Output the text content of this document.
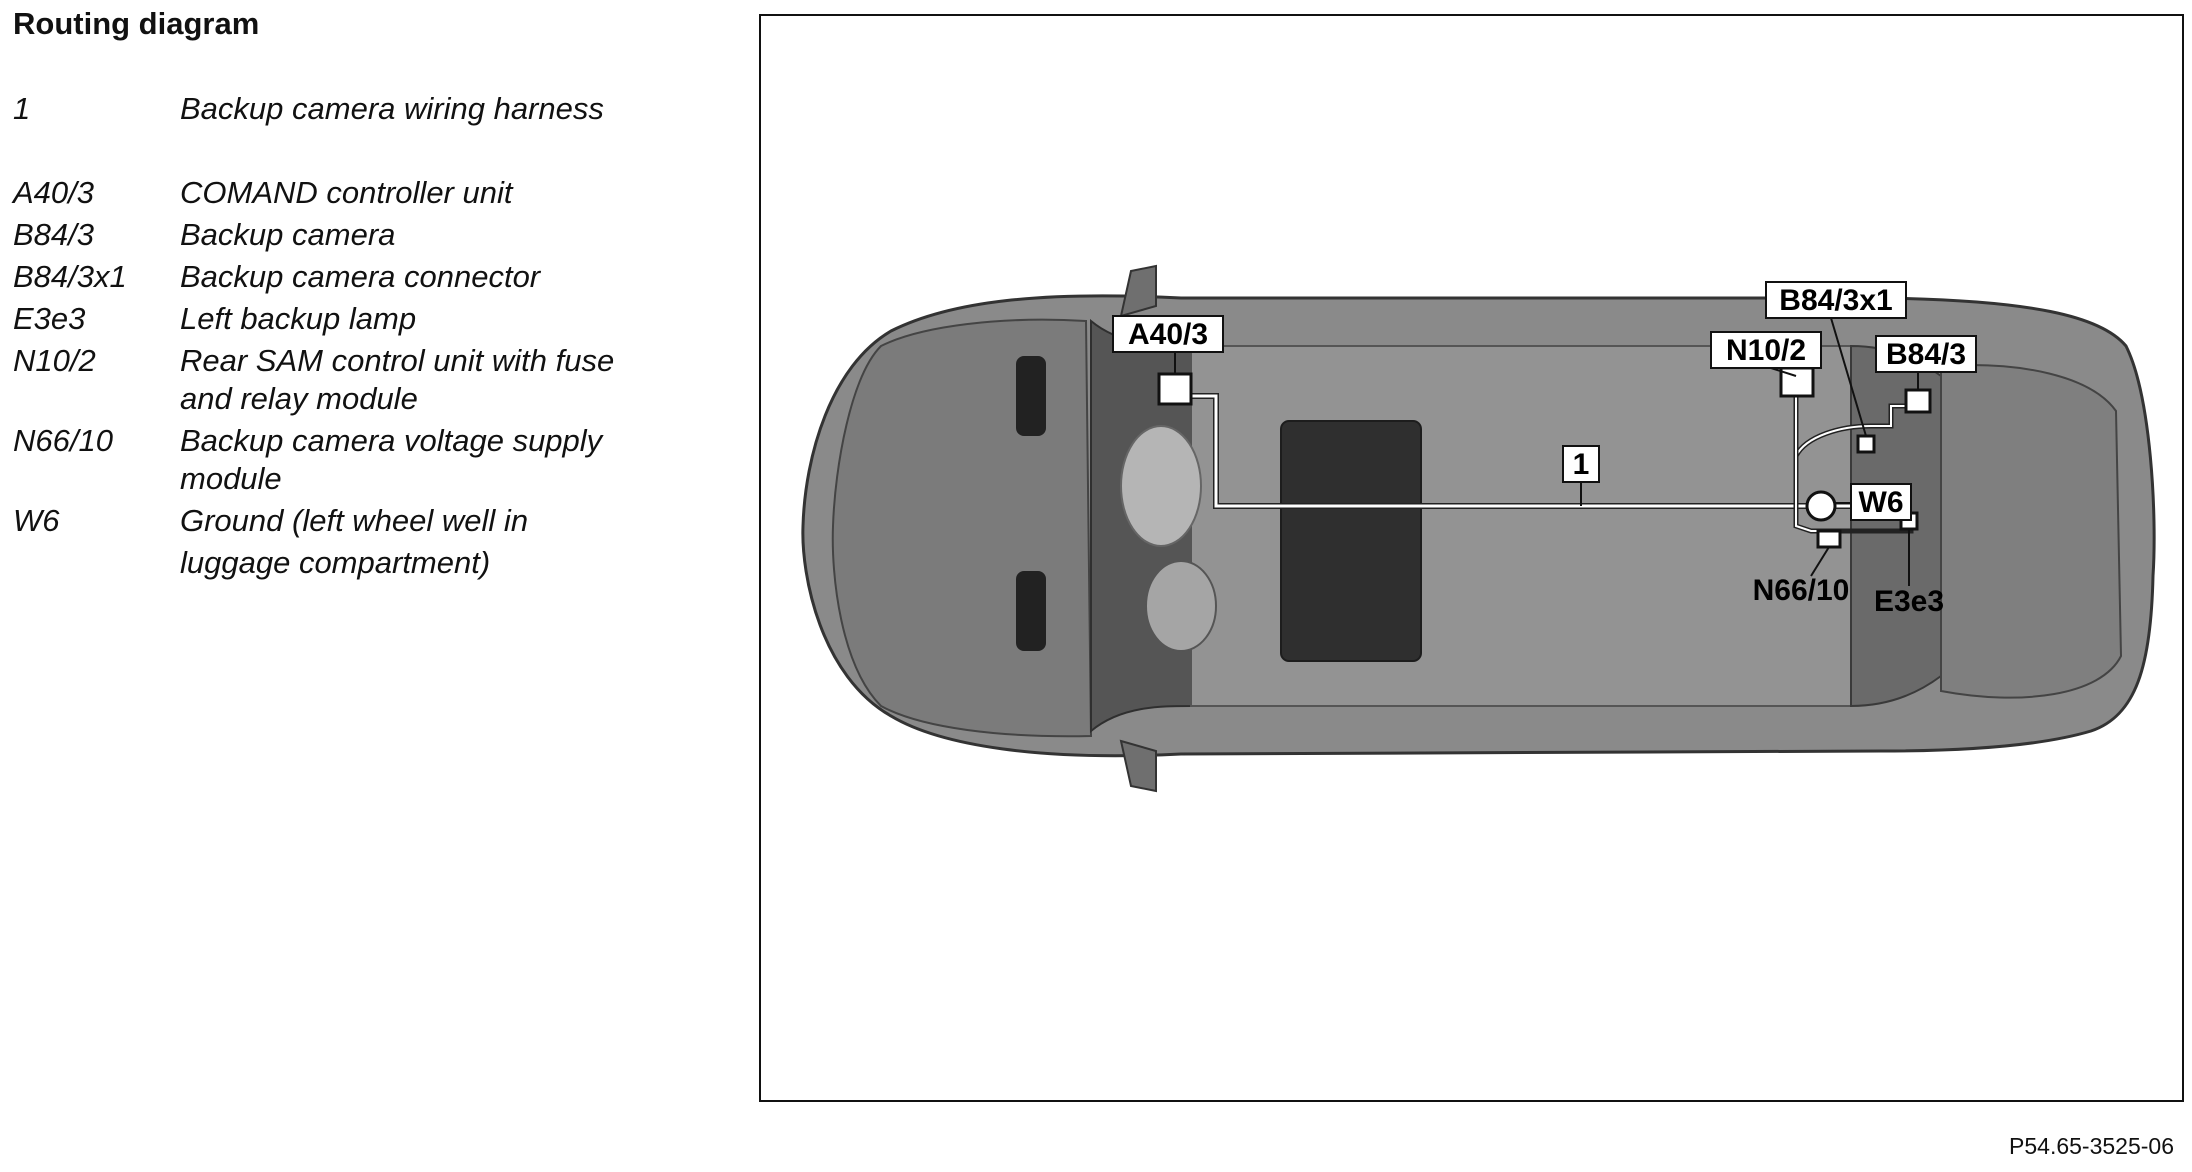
Routing diagram
1	Backup camera wiring harness
A40/3	COMAND controller unit
B84/3	Backup camera
B84/3x1	Backup camera connector
E3e3	Left backup lamp
N10/2	Rear SAM control unit with fuse
and relay module
N66/10	Backup camera voltage supply
module
W6	Ground (left wheel well in
luggage compartment)
A40/3	N10/2
B84/3x1
B84/3
1
W6
N66/10 E3e3
P54.65-3525-06
